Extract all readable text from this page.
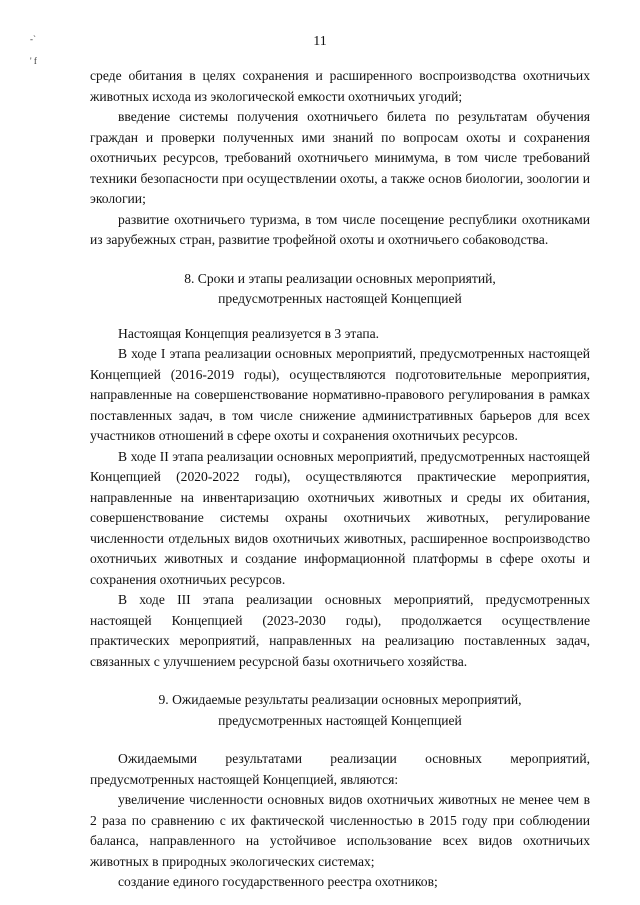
-`
' f
11

среде обитания в целях сохранения и расширенного воспроизводства охотничьих животных исхода из экологической емкости охотничьих угодий;

введение системы получения охотничьего билета по результатам обучения граждан и проверки полученных ими знаний по вопросам охоты и сохранения охотничьих ресурсов, требований охотничьего минимума, в том числе требований техники безопасности при осуществлении охоты, а также основ биологии, зоологии и экологии;

развитие охотничьего туризма, в том числе посещение республики охотниками из зарубежных стран, развитие трофейной охоты и охотничьего собаководства.

8. Сроки и этапы реализации основных мероприятий,

предусмотренных настоящей Концепцией

Настоящая Концепция реализуется в 3 этапа.

В ходе I этапа реализации основных мероприятий, предусмотренных настоящей Концепцией (2016-2019 годы), осуществляются подготовительные мероприятия, направленные на совершенствование нормативно-правового регулирования в рамках поставленных задач, в том числе снижение административных барьеров для всех участников отношений в сфере охоты и сохранения охотничьих ресурсов.

В ходе II этапа реализации основных мероприятий, предусмотренных настоящей Концепцией (2020-2022 годы), осуществляются практические мероприятия, направленные на инвентаризацию охотничьих животных и среды их обитания, совершенствование системы охраны охотничьих животных, регулирование численности отдельных видов охотничьих животных, расширенное воспроизводство охотничьих животных и создание информационной платформы в сфере охоты и сохранения охотничьих ресурсов.

В ходе III этапа реализации основных мероприятий, предусмотренных настоящей Концепцией (2023-2030 годы), продолжается осуществление практических мероприятий, направленных на реализацию поставленных задач, связанных с улучшением ресурсной базы охотничьего хозяйства.

9. Ожидаемые результаты реализации основных мероприятий,

предусмотренных настоящей Концепцией

Ожидаемыми результатами реализации основных мероприятий, предусмотренных настоящей Концепцией, являются:

увеличение численности основных видов охотничьих животных не менее чем в 2 раза по сравнению с их фактической численностью в 2015 году при соблюдении баланса, направленного на устойчивое использование всех видов охотничьих животных в природных экологических системах;

создание единого государственного реестра охотников;
